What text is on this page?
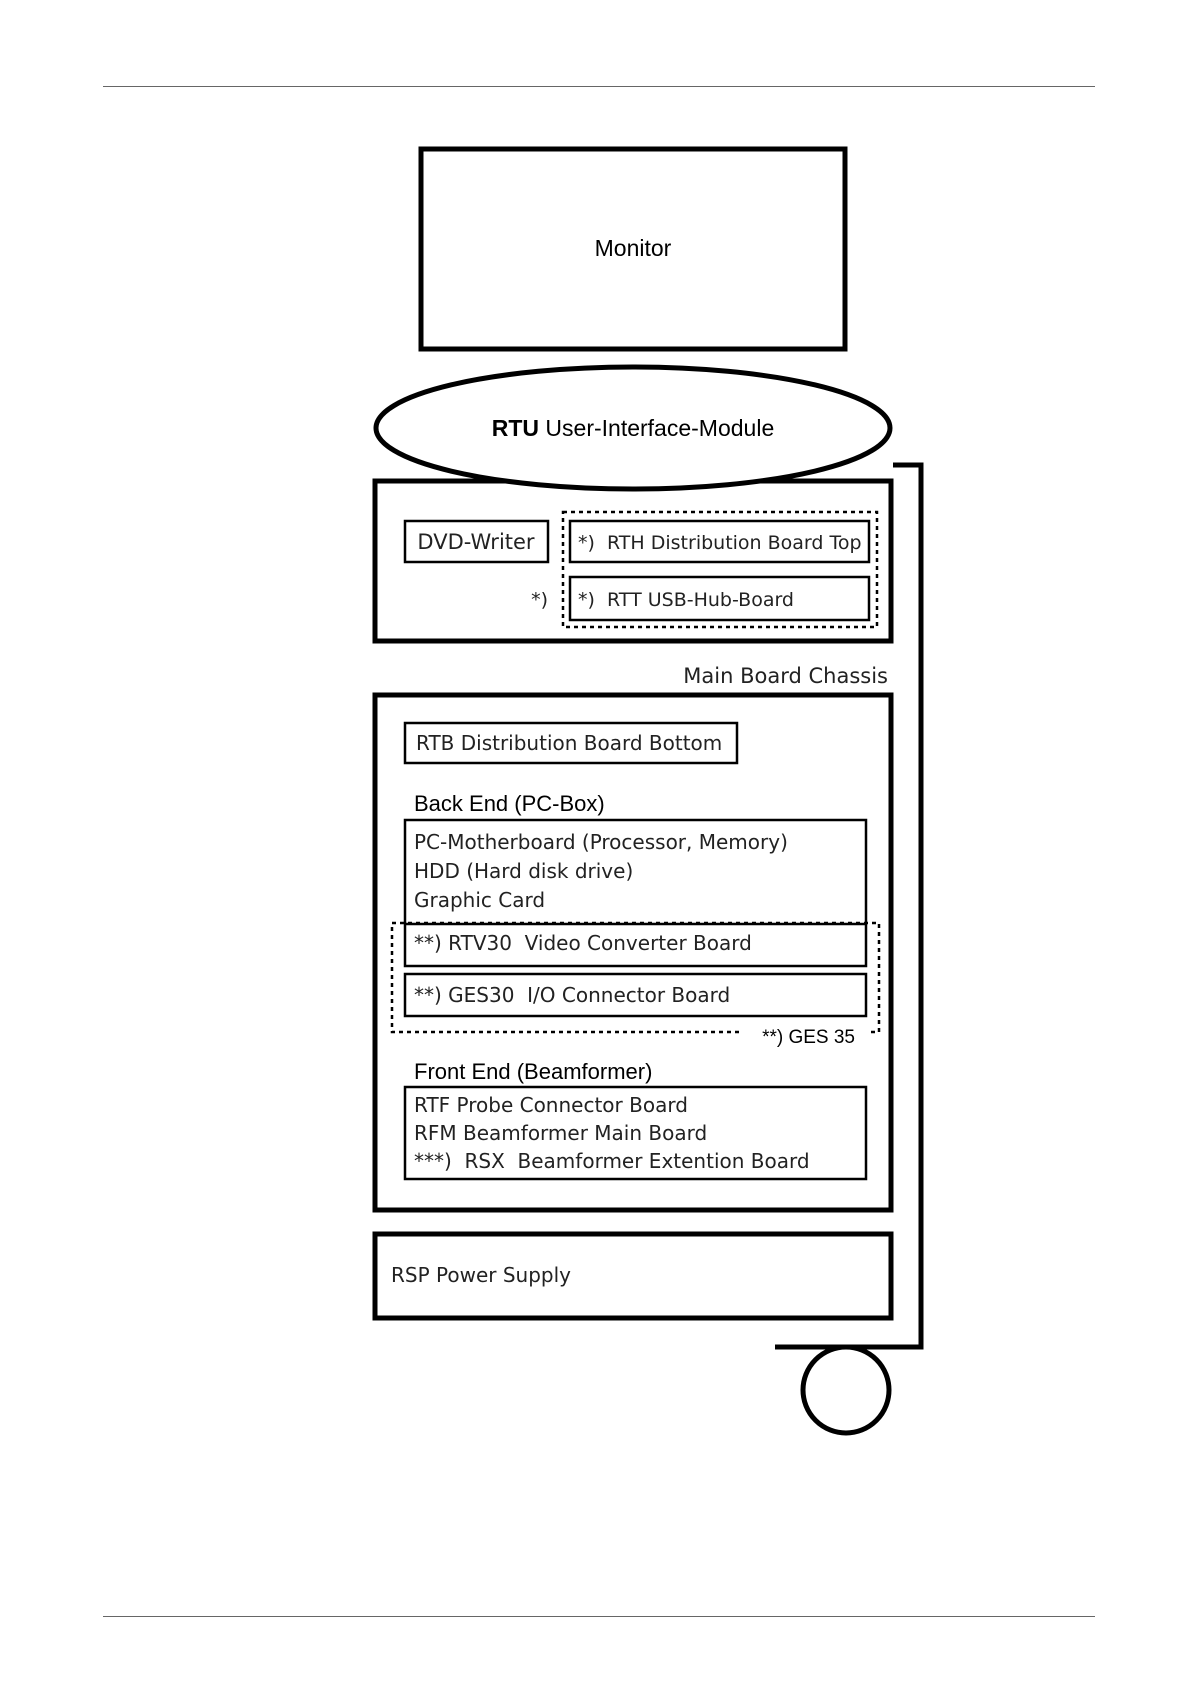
Monitor
DVD-Writer *)  RTH Distribution Board Top
*)  RTT USB-Hub-Board
*)
RTU User-Interface-Module
Main Board Chassis
RTB Distribution Board Bottom
Back End (PC-Box)
PC-Motherboard (Processor, Memory)
HDD (Hard disk drive)
Graphic Card
**) RTV30  Video Converter Board
**) GES30  I/O Connector Board
**) GES 35
Front End (Beamformer)
RTF Probe Connector Board
RFM Beamformer Main Board
***)  RSX  Beamformer Extention Board
RSP Power Supply
